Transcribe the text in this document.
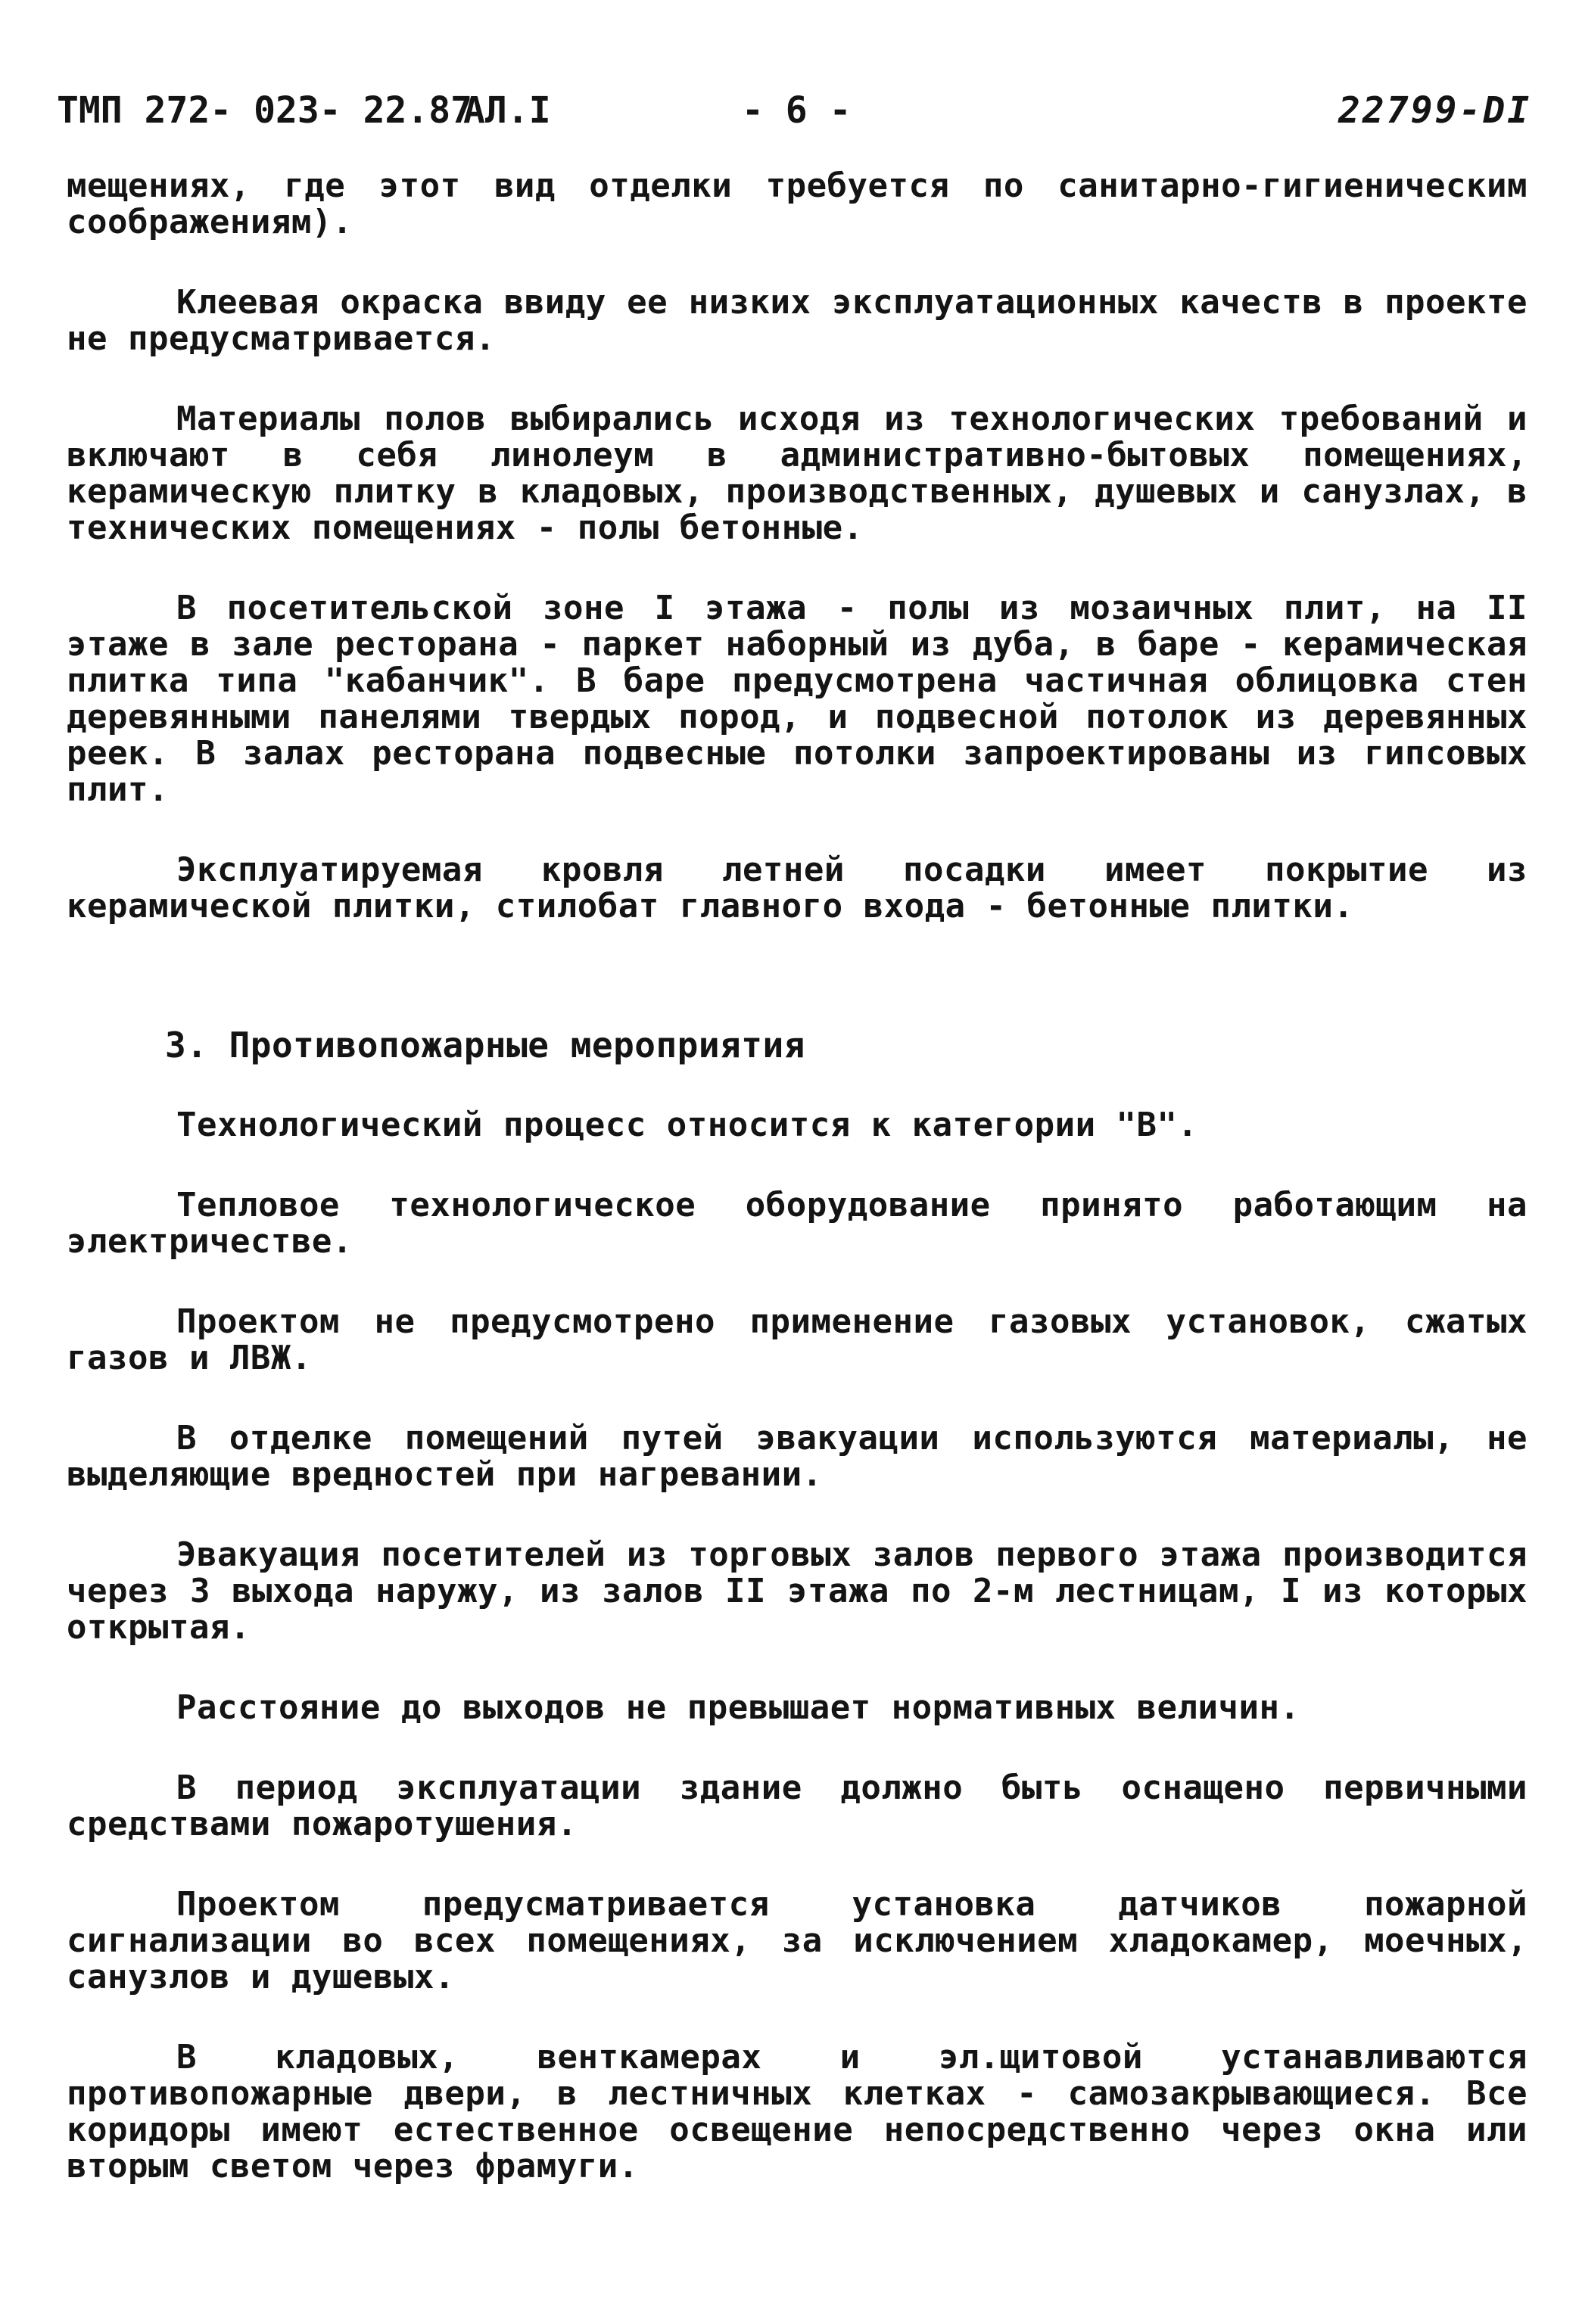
ТМП 272- 023- 22.87
АЛ.I	- 6 -	22799-DI

мещениях, где этот вид отделки требуется по санитарно-гигиеническим соображениям).

Клеевая окраска ввиду ее низких эксплуатационных качеств в проекте не предусматривается.

Материалы полов выбирались исходя из технологических требований и включают в себя линолеум в административно-бытовых помещениях, керамическую плитку в кладовых, производственных, душевых и санузлах, в технических помещениях - полы бетонные.

В посетительской зоне I этажа - полы из мозаичных плит, на II этаже в зале ресторана - паркет наборный из дуба, в баре - керамическая плитка типа "кабанчик". В баре предусмотрена частичная облицовка стен деревянными панелями твердых пород, и подвесной потолок из деревянных реек. В залах ресторана подвесные потолки запроектированы из гипсовых плит.

Эксплуатируемая кровля летней посадки имеет покрытие из керамической плитки, стилобат главного входа - бетонные плитки.

3. Противопожарные мероприятия

Технологический процесс относится к категории "В".

Тепловое технологическое оборудование принято работающим на электричестве.

Проектом не предусмотрено применение газовых установок, сжатых газов и ЛВЖ.

В отделке помещений путей эвакуации используются материалы, не выделяющие вредностей при нагревании.

Эвакуация посетителей из торговых залов первого этажа производится через 3 выхода наружу, из залов II этажа по 2-м лестницам, I из которых открытая.

Расстояние до выходов не превышает нормативных величин.

В период эксплуатации здание должно быть оснащено первичными средствами пожаротушения.

Проектом предусматривается установка датчиков пожарной сигнализации во всех помещениях, за исключением хладокамер, моечных, санузлов и душевых.

В кладовых, венткамерах и эл.щитовой устанавливаются противопожарные двери, в лестничных клетках - самозакрывающиеся. Все коридоры имеют естественное освещение непосредственно через окна или вторым светом через фрамуги.
